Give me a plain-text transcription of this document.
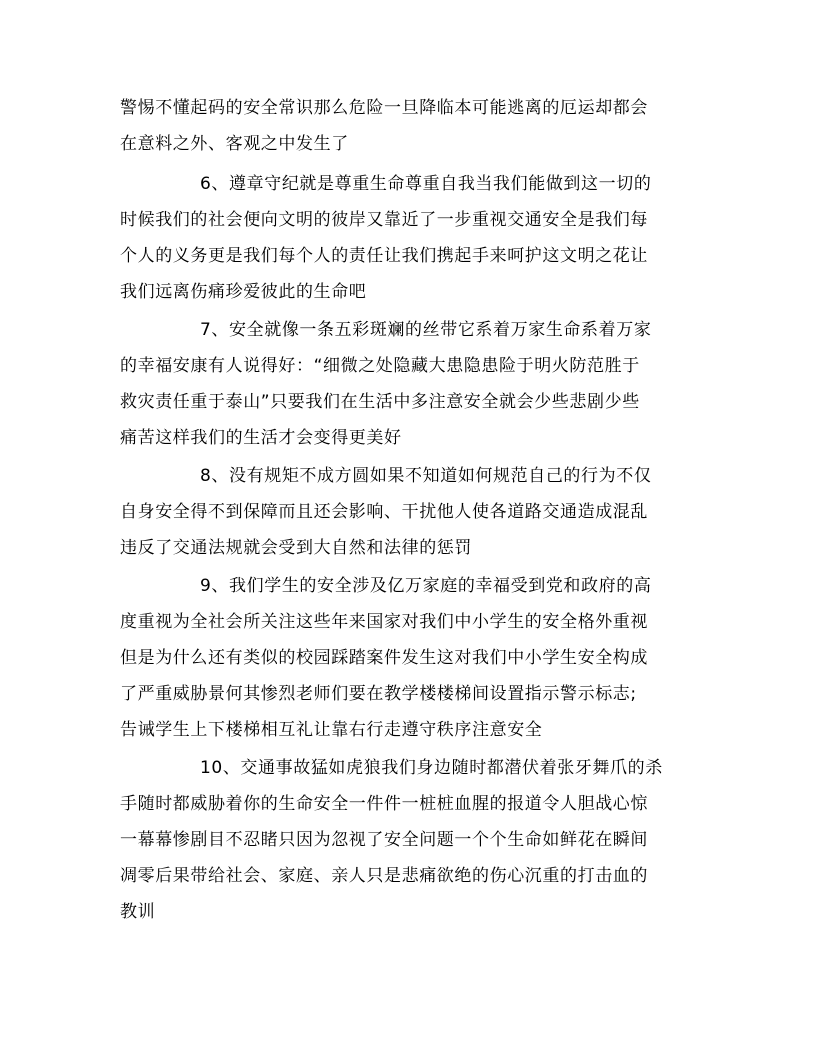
警惕不懂起码的安全常识那么危险一旦降临本可能逃离的厄运却都会
在意料之外、客观之中发生了
6、遵章守纪就是尊重生命尊重自我当我们能做到这一切的
时候我们的社会便向文明的彼岸又靠近了一步重视交通安全是我们每
个人的义务更是我们每个人的责任让我们携起手来呵护这文明之花让
我们远离伤痛珍爱彼此的生命吧
7、安全就像一条五彩斑斓的丝带它系着万家生命系着万家
的幸福安康有人说得好：“细微之处隐藏大患隐患险于明火防范胜于
救灾责任重于泰山”只要我们在生活中多注意安全就会少些悲剧少些
痛苦这样我们的生活才会变得更美好
8、没有规矩不成方圆如果不知道如何规范自己的行为不仅
自身安全得不到保障而且还会影响、干扰他人使各道路交通造成混乱
违反了交通法规就会受到大自然和法律的惩罚
9、我们学生的安全涉及亿万家庭的幸福受到党和政府的高
度重视为全社会所关注这些年来国家对我们中小学生的安全格外重视
但是为什么还有类似的校园踩踏案件发生这对我们中小学生安全构成
了严重威胁景何其惨烈老师们要在教学楼楼梯间设置指示警示标志;
告诫学生上下楼梯相互礼让靠右行走遵守秩序注意安全
10、交通事故猛如虎狼我们身边随时都潜伏着张牙舞爪的杀
手随时都威胁着你的生命安全一件件一桩桩血腥的报道令人胆战心惊
一幕幕惨剧目不忍睹只因为忽视了安全问题一个个生命如鲜花在瞬间
凋零后果带给社会、家庭、亲人只是悲痛欲绝的伤心沉重的打击血的
教训
